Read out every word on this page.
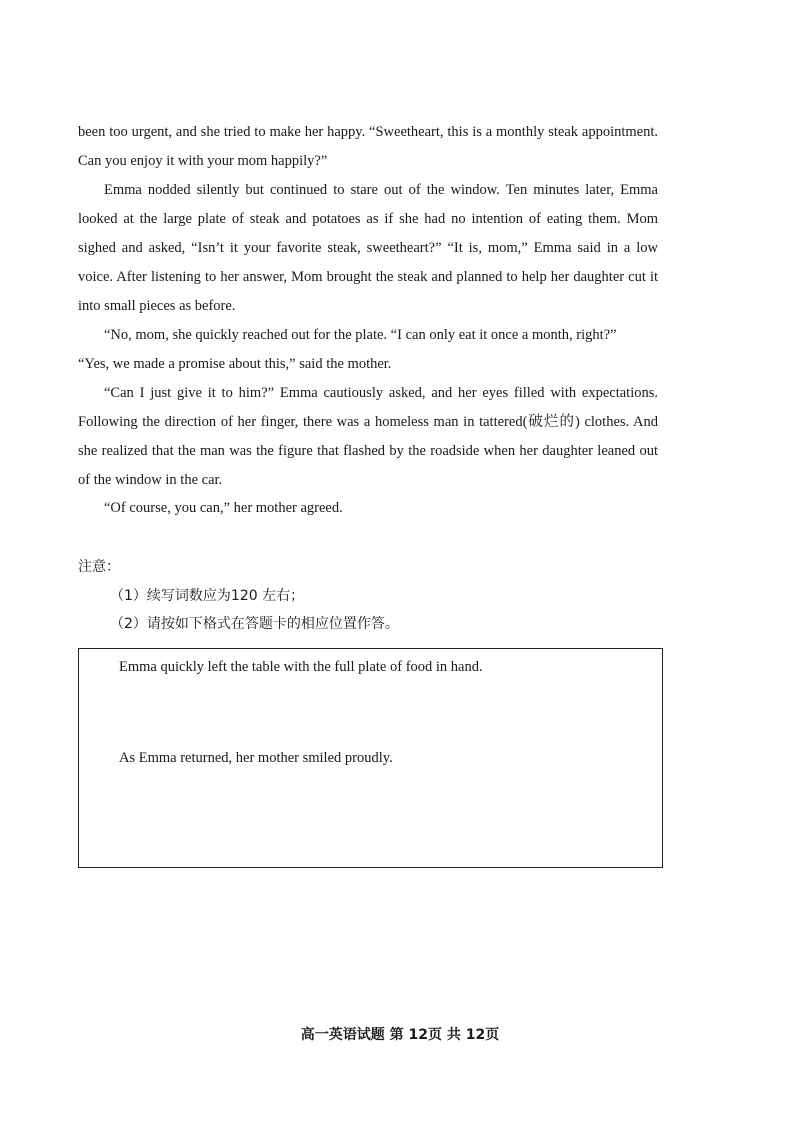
been too urgent, and she tried to make her happy. “Sweetheart, this is a monthly steak appointment. Can you enjoy it with your mom happily?”

Emma nodded silently but continued to stare out of the window. Ten minutes later, Emma looked at the large plate of steak and potatoes as if she had no intention of eating them. Mom sighed and asked, “Isn’t it your favorite steak, sweetheart?” “It is, mom,” Emma said in a low voice. After listening to her answer, Mom brought the steak and planned to help her daughter cut it into small pieces as before.

“No, mom, she quickly reached out for the plate. “I can only eat it once a month, right?”

“Yes, we made a promise about this,” said the mother.

“Can I just give it to him?” Emma cautiously asked, and her eyes filled with expectations. Following the direction of her finger, there was a homeless man in tattered(破烂的) clothes. And she realized that the man was the figure that flashed by the roadside when her daughter leaned out of the window in the car.

“Of course, you can,” her mother agreed.

注意：

（1）续写词数应为120 左右；

（2）请按如下格式在答题卡的相应位置作答。

Emma quickly left the table with the full plate of food in hand.

As Emma returned, her mother smiled proudly.

高一英语试题 第 12页 共 12页
